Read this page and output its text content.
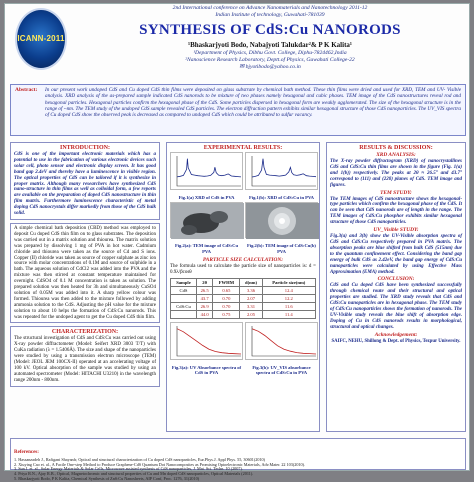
ICANN-2011
2nd International conference on Advance Nanomaterials and Nanotechnology 2011-12
Indian Institute of technology, Guwahati-781039
SYNTHESIS OF CdS:Cu NANORODS
¹Bhaskarjyoti Bodo, Nabajyoti Talukdar²& P K Kalita¹
¹Department of Physics, Dibhu Govt. College, Diphu-7824462,India
²Nanoscience Research Laboratory, Deptt.of Physics, Guwahati College-22
✉ bjyotibodo@yahoo.co.in
Abstract: In our present work undoped CdS and Cu doped CdS thin films were deposited on glass substrate by chemical bath method. These thin films were dried and used for XRD, TEM and UV- Visible analysis. XRD analysis of the as-prepared sample indicated CdS nanorods to be mixture of two phases namely hexagonal and cubic phases. TEM image of the CdS nanostructures reveal rod and hexagonal particles. Hexagonal particles confirm the hexagonal phase of the CdS. Some particles dispersed in hexagonal form are weakly agglomerated. The size of the hexagonal structure is in the range of ~nm. The TEM study of the undoped CdS sample revealed CdS particles. The electron diffraction pattern exhibits similar hexagonal structure of those CdS nanoparticles. The UV_VIS spectra of Cu doped CdS show the observed peak is decreased as compared to undoped CdS which could be attributed to sulfur vacancy.

INTRODUCTION:
CdS is one of the important electronic materials which has a potential to use in the fabrication of various electronic devices such solar cell, photo sensor and electronic display screen. It has good band gap 2.4eV and thereby have a luminescence in visible region. The optical properties of CdS can be tailored if it is synthesize in proper matrix. Although many researchers have synthesized CdS nano-structure in thin films as well as colloidal form, a few reports are available on the preparation of doped CdS nanostructure in thin film matrix. Furthermore luminescence characteristic of metal doping CdS nanocrystals differ markedly from those of the CdS bulk solid.
A simple chemical bath deposition (CBD) method was employed to deposit Cu doped CdS thin film on to glass substrates. The deposition was carried out in a matrix solution and thiourea. The matrix solution was prepared by dissolving 1 mg of PVA in hot water. Cadmium chloride and thiourea were taken as the source of Cd and S ions. Copper (II) chloride was taken as source of copper sulphate as zinc ion source with molar concentrations of 0.1M and source of sulphide in a bath. The aqueous solution of CdCl2 was added into the PVA and the mixture was then stirred at constant temperature maintained for overnight. CdSO4 of 0.1 M concentration is taken as solution. The prepared solution was then heated for 3h and simultaneously CuSO4 solution of 0.05M was added into it. A sharp yellow colour was formed. Thiourea was then added to the mixture followed by adding ammonia solution to the CdS. Adjusting the pH value for the mixture solution to about 10 helps the formation of CdS:Cu nanorods. This was repeated for the undoped agent to get the Cu doped CdS thin film.
CHARACTERIZATION:
The structural investigation of CdS and CdS:Cu was carried out using X-ray powder diffractometer (Model: Seifert XRD 3003 T/T) with CuKa radiation (λ = 1.5406Å). The size and shape of the nanoparticles were studied by using a transmission electron microscope (TEM) (Model: JEOL JEM 100CX-II) operated at an accelerating voltage of 100 kV. Optical absorption of the sample was studied by using an automated spectrometer (Model: HITACHI U3210) in the wavelength range 200nm - 800nm.
EXPERIMENTAL RESULTS:
Fig.1(a) XRD of CdS in PVA	Fig.1(b): XRD of CdS:Cu in PVA
Fig.2(a): TEM image of CdS:Cu PVA
Fig.2(b): TEM image of CdS:Cu(b) PVA
PARTICLE SIZE CALCULATION:
The formula used to calculate the particle size of nanoparticles is: d = 0.9λ/βcosθ
Sample	2θ	FWHM	d(nm)	Particle size(nm)
CdS	26.5	0.65	3.36	12.4
	43.7	0.70	2.07	12.2
CdS:Cu	26.9	0.70	3.31	11.6
	44.0	0.75	2.05	11.4
Fig.3(a): UV Absorbance spectra of CdS in PVA
Fig.3(b): UV_VIS absorbance spectra of CdS:Cu in PVA
RESULTS & DISCUSSION:
XRD ANALYSIS:
The X-ray powder diffractogram (XRD) of nanocrystallines CdS and CdS:Cu thin films are shown in the figure (Fig. 1(a) and 1(b)) respectively. The peaks at 2θ ≈ 26.5° and 43.7° correspond to (111) and (220) planes of CdS. TEM image and figures.
TEM STUDY:
The TEM images of CdS nanostructure shows the hexagonal-type particles which confirm the hexagonal phase of the CdS. It can be seen that CdS nanorods are of length in the range. The TEM images of CdS:Cu phosphor exhibits similar hexagonal structure of those CdS nanoparticles.
UV_Visible STUDY:
Fig.3(a) and 3(b) show the UV-Visible absorption spectra of CdS and CdS:Cu respectively prepared in PVA matrix. The absorption peaks are blue shifted from bulk CdS (515nm) due to the quantum confinement effect. Considering the band gap energy of bulk CdS as 2.42eV, the band gap energy of CdS:Cu nanoparticles were calculated by using Effective Mass Approximation (EMA) method.
CONCLUSION:
CdS and Cu doped CdS have been synthesized successfully through chemical route and their structural and optical properties are studied. The XRD study reveals that CdS and CdS:Cu nanoparticles are in hexagonal phase. The TEM study of CdS:Cu nanoparticles shows the formation of nanorods. The UV-Visible study reveals the blue shift of absorption edge. Doping of Cu in CdS nanorods results in morphological, structural and optical changes.
Acknowledgement:
SAIFC, NEHU, Shillong & Dept. of Physics, Tezpur University.
References:

1. Hassanzadeh J., Rafigani Shayanfr, Optical and structural characterization of Cu doped CdS nanoparticles, Eur.Phys.J. Appl Phys. 55, 30601(2010)

2. Xiuying Cao et. al., A Facile One-step Method to Produce Graphene-CdS Quantum Dot Nanocomposites as Promising Optoelectronic Materials, Adv.Mater. 22 103(2010).

3. Sun J. et. al., Solar Energy Materials & Solar Cells, Microwave assisted synthesis of CdS nanoparticles, J. Mat. Sci. Techn. 10 (2007).

4. Priya R.N., Ajay R.B., Optical, Magnetochromic and structural properties of Cu and Mn doped CdS nanoparticles, Optical Materials (2011).

5. Bhaskarjyoti Bodo, P K Kalita, Chemical Synthesis of ZnS:Cu Nanosheets, AIP Conf, Proc. 1276, 31(2010)
